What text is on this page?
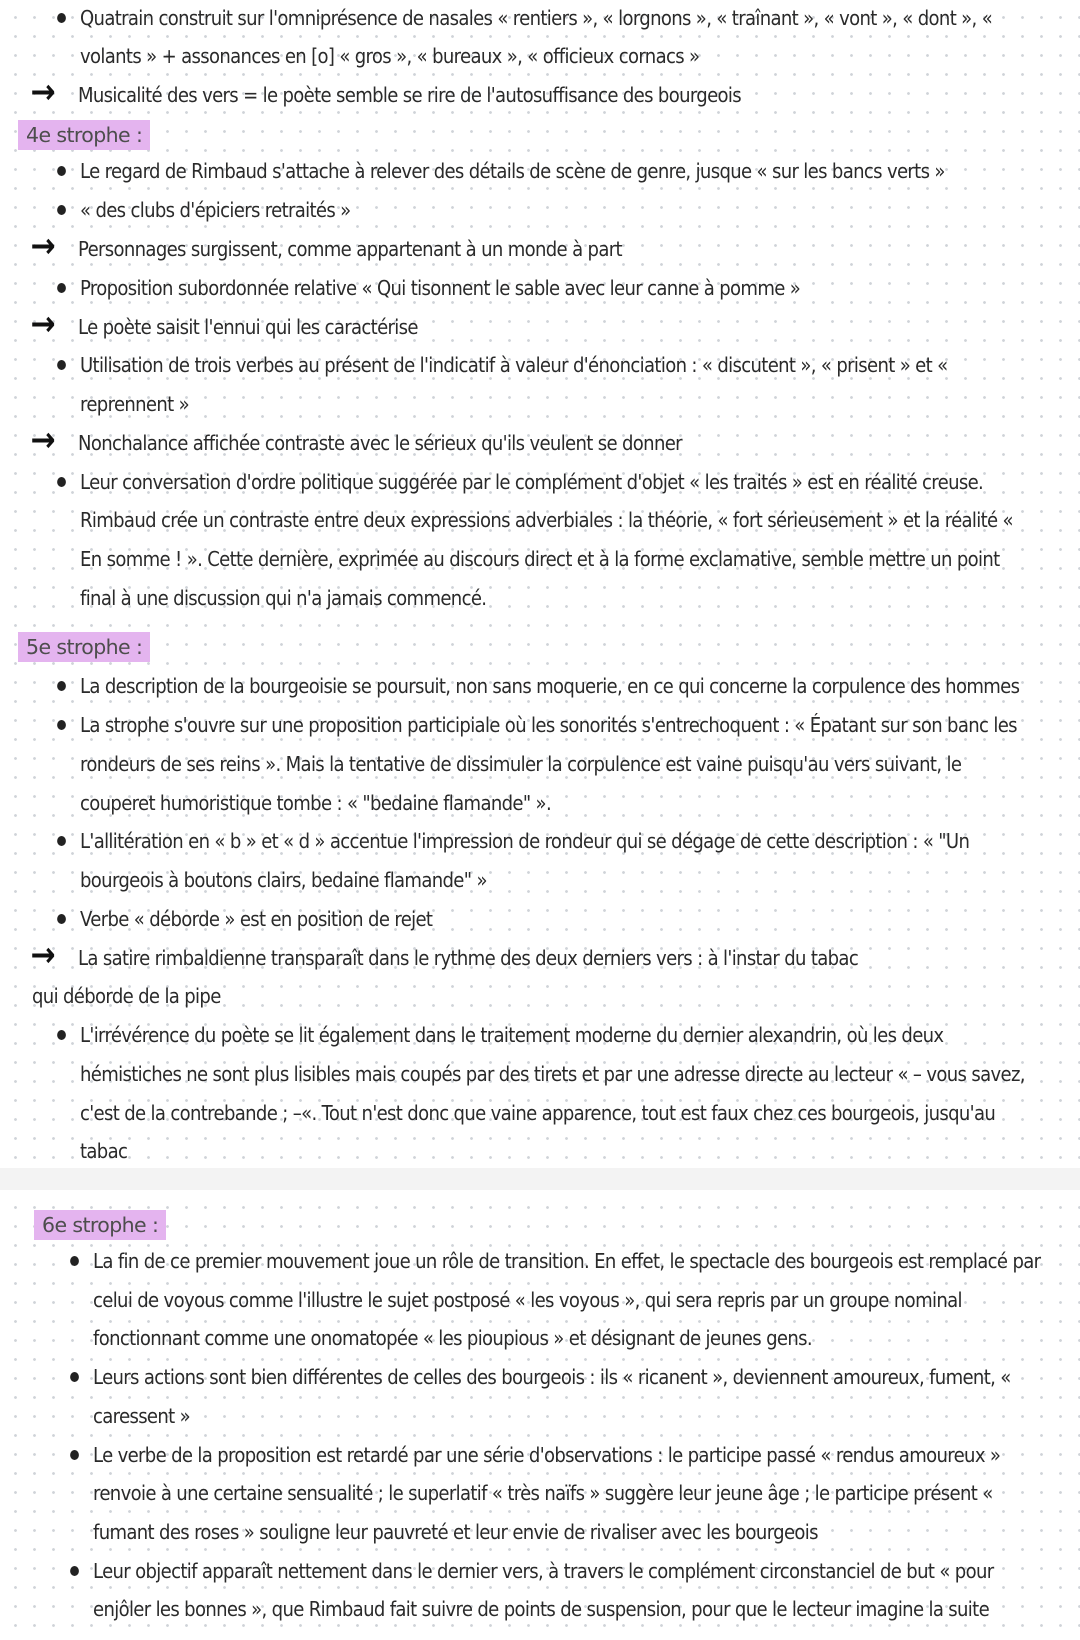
Quatrain construit sur l'omniprésence de nasales « rentiers », « lorgnons », « traînant », « vont », « dont », «
volants » + assonances en [o] « gros », « bureaux », « officieux cornacs »
→ Musicalité des vers = le poète semble se rire de l'autosuffisance des bourgeois
4e strophe :
Le regard de Rimbaud s'attache à relever des détails de scène de genre, jusque « sur les bancs verts »
« des clubs d'épiciers retraités »
→ Personnages surgissent, comme appartenant à un monde à part
Proposition subordonnée relative « Qui tisonnent le sable avec leur canne à pomme »
→ Le poète saisit l'ennui qui les caractérise
Utilisation de trois verbes au présent de l'indicatif à valeur d'énonciation : « discutent », « prisent » et «
reprennent »
→ Nonchalance affichée contraste avec le sérieux qu'ils veulent se donner
Leur conversation d'ordre politique suggérée par le complément d'objet « les traités » est en réalité creuse.
Rimbaud crée un contraste entre deux expressions adverbiales : la théorie, « fort sérieusement » et la réalité «
En somme ! ». Cette dernière, exprimée au discours direct et à la forme exclamative, semble mettre un point
final à une discussion qui n'a jamais commencé.
5e strophe :
La description de la bourgeoisie se poursuit, non sans moquerie, en ce qui concerne la corpulence des hommes
La strophe s'ouvre sur une proposition participiale où les sonorités s'entrechoquent : « Épatant sur son banc les
rondeurs de ses reins ». Mais la tentative de dissimuler la corpulence est vaine puisqu'au vers suivant, le
couperet humoristique tombe : « "bedaine flamande" ».
L'allitération en « b » et « d » accentue l'impression de rondeur qui se dégage de cette description : « "Un
bourgeois à boutons clairs, bedaine flamande" »
Verbe « déborde » est en position de rejet
→ La satire rimbaldienne transparaît dans le rythme des deux derniers vers : à l'instar du tabac
qui déborde de la pipe
L'irrévérence du poète se lit également dans le traitement moderne du dernier alexandrin, où les deux
hémistiches ne sont plus lisibles mais coupés par des tirets et par une adresse directe au lecteur « – vous savez,
c'est de la contrebande ; –«. Tout n'est donc que vaine apparence, tout est faux chez ces bourgeois, jusqu'au
tabac
6e strophe :
La fin de ce premier mouvement joue un rôle de transition. En effet, le spectacle des bourgeois est remplacé par
celui de voyous comme l'illustre le sujet postposé « les voyous », qui sera repris par un groupe nominal
fonctionnant comme une onomatopée « les pioupious » et désignant de jeunes gens.
Leurs actions sont bien différentes de celles des bourgeois : ils « ricanent », deviennent amoureux, fument, «
caressent »
Le verbe de la proposition est retardé par une série d'observations : le participe passé « rendus amoureux »
renvoie à une certaine sensualité ; le superlatif « très naïfs » suggère leur jeune âge ; le participe présent «
fumant des roses » souligne leur pauvreté et leur envie de rivaliser avec les bourgeois
Leur objectif apparaît nettement dans le dernier vers, à travers le complément circonstanciel de but « pour
enjôler les bonnes », que Rimbaud fait suivre de points de suspension, pour que le lecteur imagine la suite
